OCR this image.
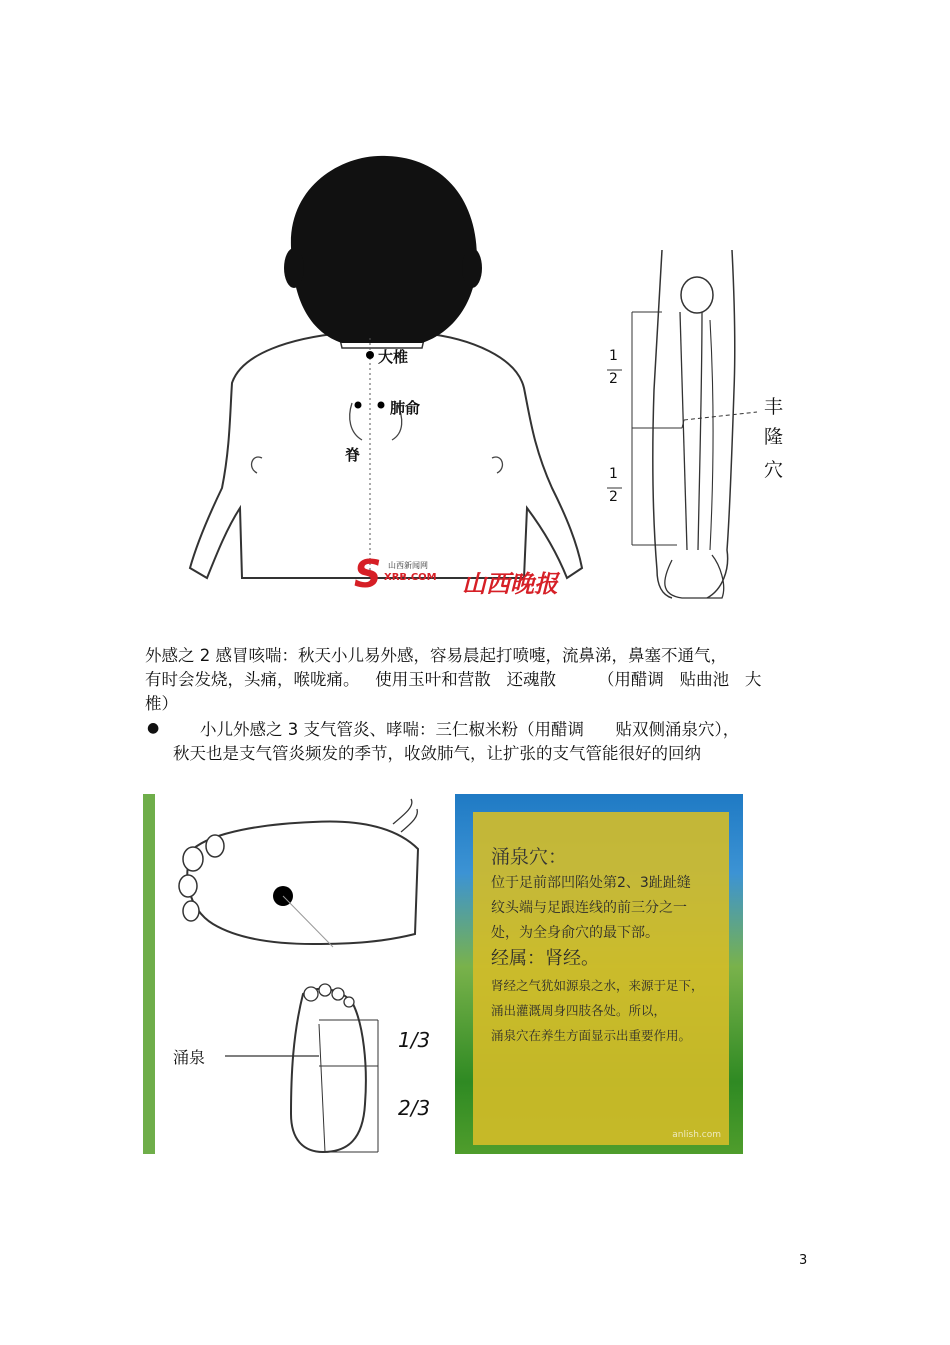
大椎
肺俞
脊
S 山西新闻网
XRB.COM 山西晚报
1
2
1
2
丰
隆
穴
外感之 2 感冒咳喘：秋天小儿易外感，容易晨起打喷嚏，流鼻涕，鼻塞不通气，
有时会发烧，头痛，喉咙痛。   使用玉叶和营散   还魂散        （用醋调   贴曲池   大
椎）
● 小儿外感之 3 支气管炎、哮喘：三仁椒米粉（用醋调      贴双侧涌泉穴），
秋天也是支气管炎频发的季节，收敛肺气，让扩张的支气管能很好的回纳
涌泉
1/3
2/3
涌泉穴：
位于足前部凹陷处第2、3趾趾缝
纹头端与足跟连线的前三分之一
处，为全身俞穴的最下部。
经属：肾经。
肾经之气犹如源泉之水，来源于足下，
涌出灌溉周身四肢各处。所以，
涌泉穴在养生方面显示出重要作用。
anlish.com
3
